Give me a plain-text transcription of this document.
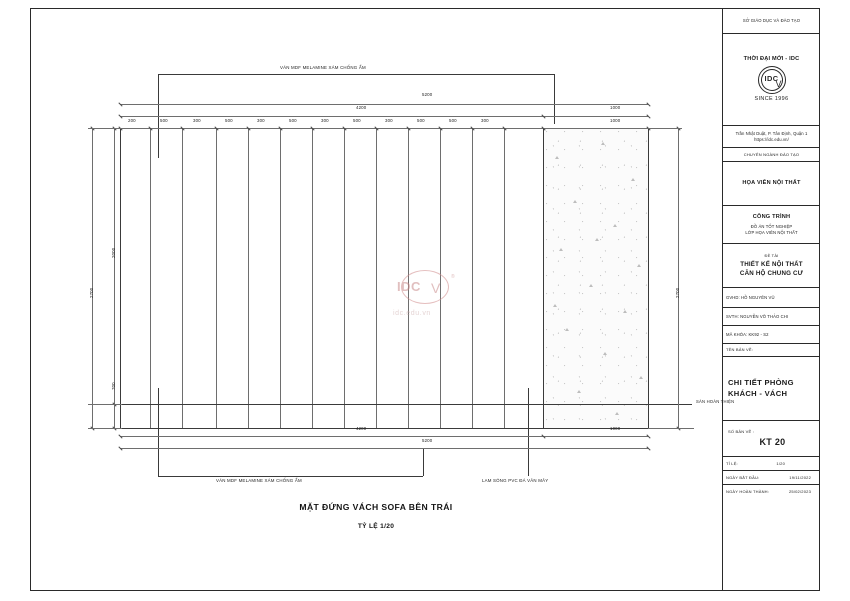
SÀN HOÀN THIỆN
5200
4200	1000
200	500	300	500	300	500	300	500	300	500	500	300	1000
2700
2000
700
2700
4200	1000
5200
VÁN MDF MELAMINE XÁM CHỐNG ẨM
VÁN MDF MELAMINE XÁM CHỐNG ẨM	LAM SÓNG PVC ĐÁ VÂN MÂY
IDC V
®
idc.edu.vn
MẶT ĐỨNG VÁCH SOFA BÊN TRÁI
TỶ LỆ 1/20
SỞ GIÁO DỤC VÀ ĐÀO TẠO
THỜI ĐẠI MỚI - IDC
IDC
V
SINCE 1996
Trần Nhật Duật, P. Tân Định, Quận 1
https://idc.edu.vn/
CHUYÊN NGÀNH ĐÀO TẠO
HỌA VIÊN NỘI THẤT
CÔNG TRÌNH
ĐỒ ÁN TỐT NGHIỆP
LỚP HỌA VIÊN NỘI THẤT
ĐỀ TÀI
THIẾT KẾ NỘI THẤT
CĂN HỘ CHUNG CƯ
GVHD: HỒ NGUYÊN VŨ
SVTH: NGUYỄN VÕ THẢO CHI
MÃ KHÓA: KK92 - S2
TÊN BẢN VẼ:
CHI TIẾT PHÒNG
KHÁCH - VÁCH
SỐ BẢN VẼ :
KT 20
TỈ LỆ:	1/20
NGÀY BẮT ĐẦU:	19/11/2022
NGÀY HOÀN THÀNH:	25/02/2023
